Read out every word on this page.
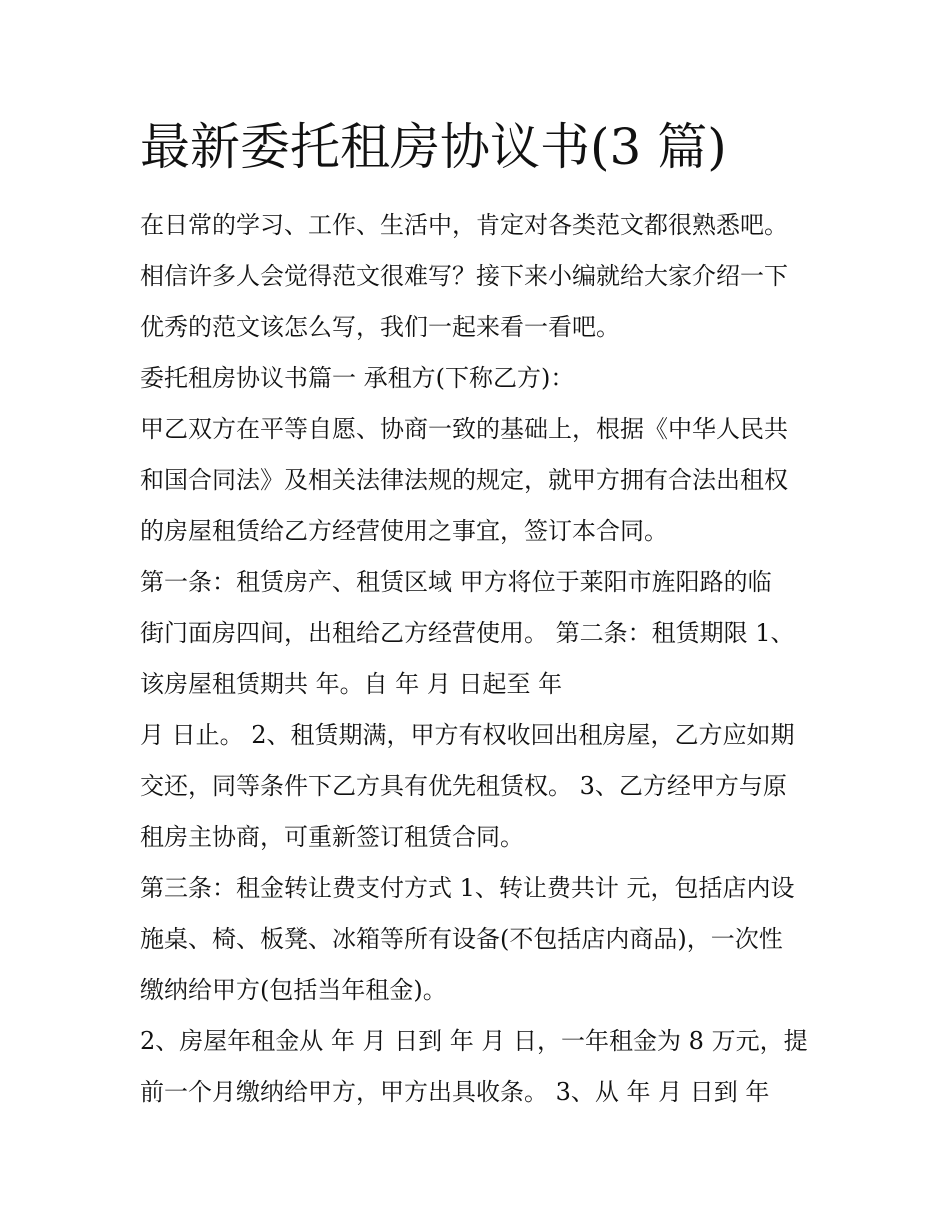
最新委托租房协议书(3 篇)
在日常的学习、工作、生活中，肯定对各类范文都很熟悉吧。
相信许多人会觉得范文很难写？接下来小编就给大家介绍一下
优秀的范文该怎么写，我们一起来看一看吧。
委托租房协议书篇一 承租方(下称乙方)：
甲乙双方在平等自愿、协商一致的基础上，根据《中华人民共
和国合同法》及相关法律法规的规定，就甲方拥有合法出租权
的房屋租赁给乙方经营使用之事宜，签订本合同。
第一条：租赁房产、租赁区域 甲方将位于莱阳市旌阳路的临
街门面房四间，出租给乙方经营使用。 第二条：租赁期限 1、
该房屋租赁期共 年。自 年 月 日起至 年
月 日止。 2、租赁期满，甲方有权收回出租房屋，乙方应如期
交还，同等条件下乙方具有优先租赁权。 3、乙方经甲方与原
租房主协商，可重新签订租赁合同。
第三条：租金转让费支付方式 1、转让费共计 元，包括店内设
施桌、椅、板凳、冰箱等所有设备(不包括店内商品)，一次性
缴纳给甲方(包括当年租金)。
2、房屋年租金从 年 月 日到 年 月 日，一年租金为 8 万元，提
前一个月缴纳给甲方，甲方出具收条。 3、从 年 月 日到 年
